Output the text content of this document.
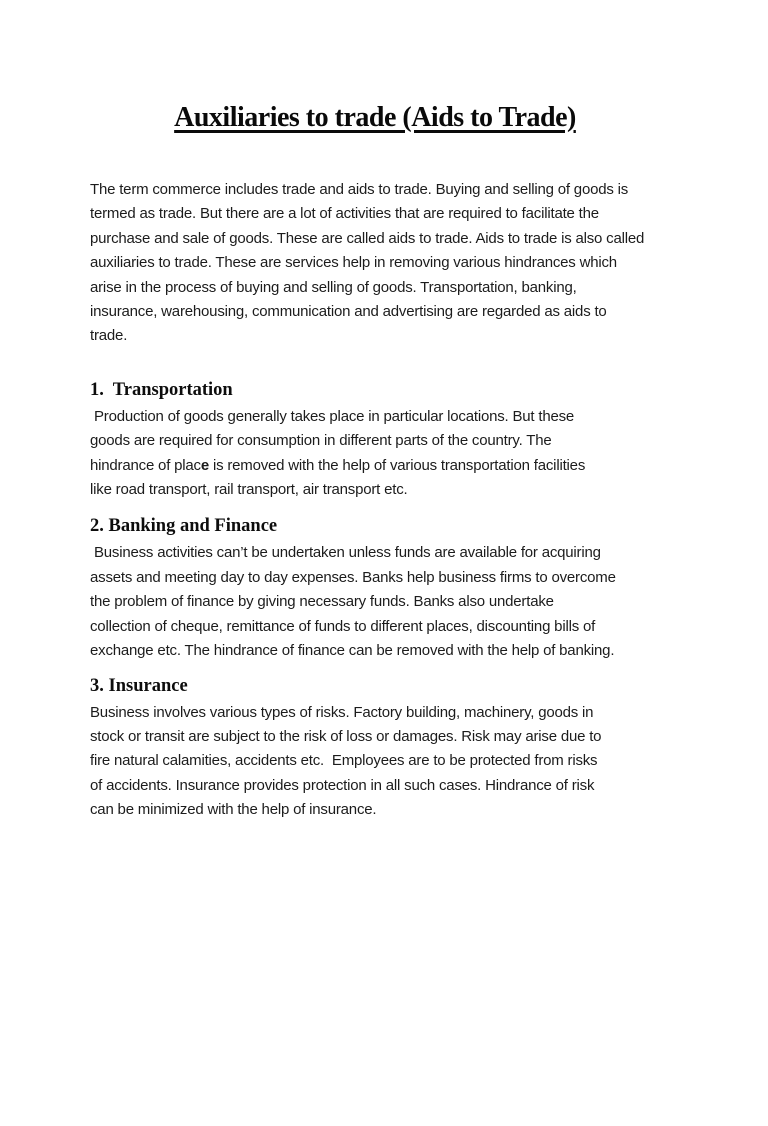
Auxiliaries to trade (Aids to Trade)
The term commerce includes trade and aids to trade. Buying and selling of goods is
termed as trade. But there are a lot of activities that are required to facilitate the
purchase and sale of goods. These are called aids to trade. Aids to trade is also called
auxiliaries to trade. These are services help in removing various hindrances which
arise in the process of buying and selling of goods. Transportation, banking,
insurance, warehousing, communication and advertising are regarded as aids to
trade.
1.  Transportation
Production of goods generally takes place in particular locations. But these
goods are required for consumption in different parts of the country. The
hindrance of place is removed with the help of various transportation facilities
like road transport, rail transport, air transport etc.
2. Banking and Finance
Business activities can’t be undertaken unless funds are available for acquiring
assets and meeting day to day expenses. Banks help business firms to overcome
the problem of finance by giving necessary funds. Banks also undertake
collection of cheque, remittance of funds to different places, discounting bills of
exchange etc. The hindrance of finance can be removed with the help of banking.
3. Insurance
Business involves various types of risks. Factory building, machinery, goods in
stock or transit are subject to the risk of loss or damages. Risk may arise due to
fire natural calamities, accidents etc.  Employees are to be protected from risks
of accidents. Insurance provides protection in all such cases. Hindrance of risk
can be minimized with the help of insurance.
